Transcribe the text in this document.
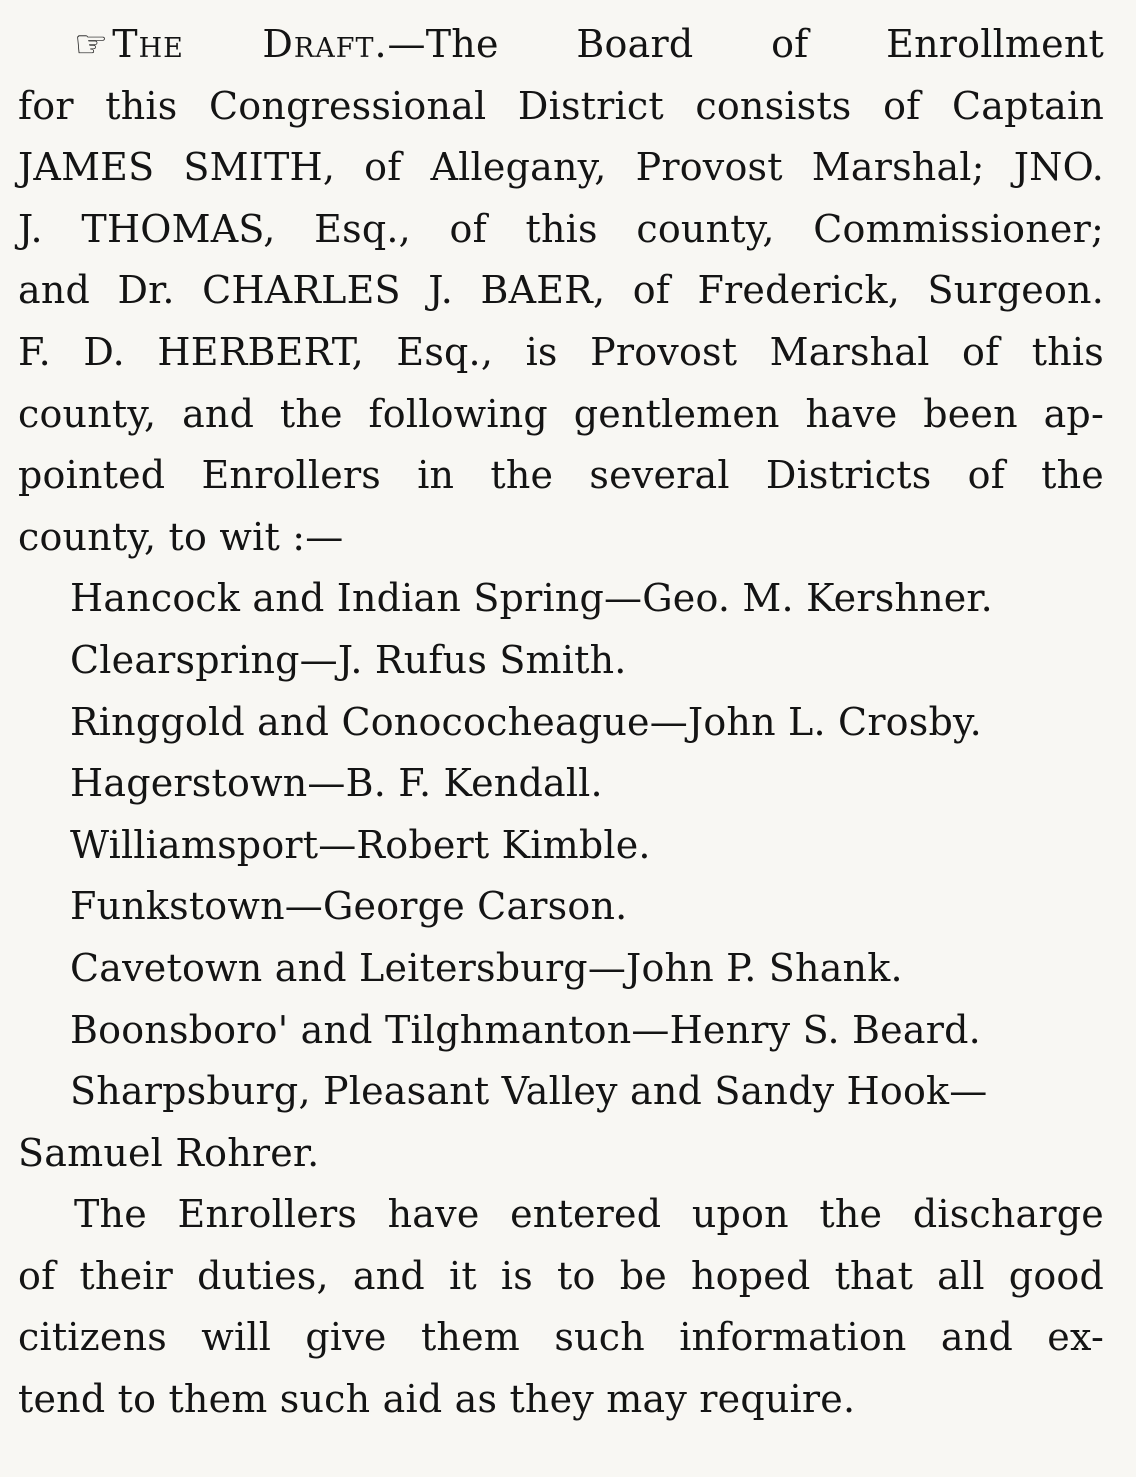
☞ The Draft.—The Board of Enrollment
for this Congressional District consists of Captain
JAMES SMITH, of Allegany, Provost Marshal; JNO.
J. THOMAS, Esq., of this county, Commissioner;
and Dr. CHARLES J. BAER, of Frederick, Surgeon.
F. D. HERBERT, Esq., is Provost Marshal of this
county, and the following gentlemen have been ap-
pointed Enrollers in the several Districts of the
county, to wit :—
Hancock and Indian Spring—Geo. M. Kershner.
Clearspring—J. Rufus Smith.
Ringgold and Conococheague—John L. Crosby.
Hagerstown—B. F. Kendall.
Williamsport—Robert Kimble.
Funkstown—George Carson.
Cavetown and Leitersburg—John P. Shank.
Boonsboro' and Tilghmanton—Henry S. Beard.
Sharpsburg, Pleasant Valley and Sandy Hook—
Samuel Rohrer.
The Enrollers have entered upon the discharge
of their duties, and it is to be hoped that all good
citizens will give them such information and ex-
tend to them such aid as they may require.
